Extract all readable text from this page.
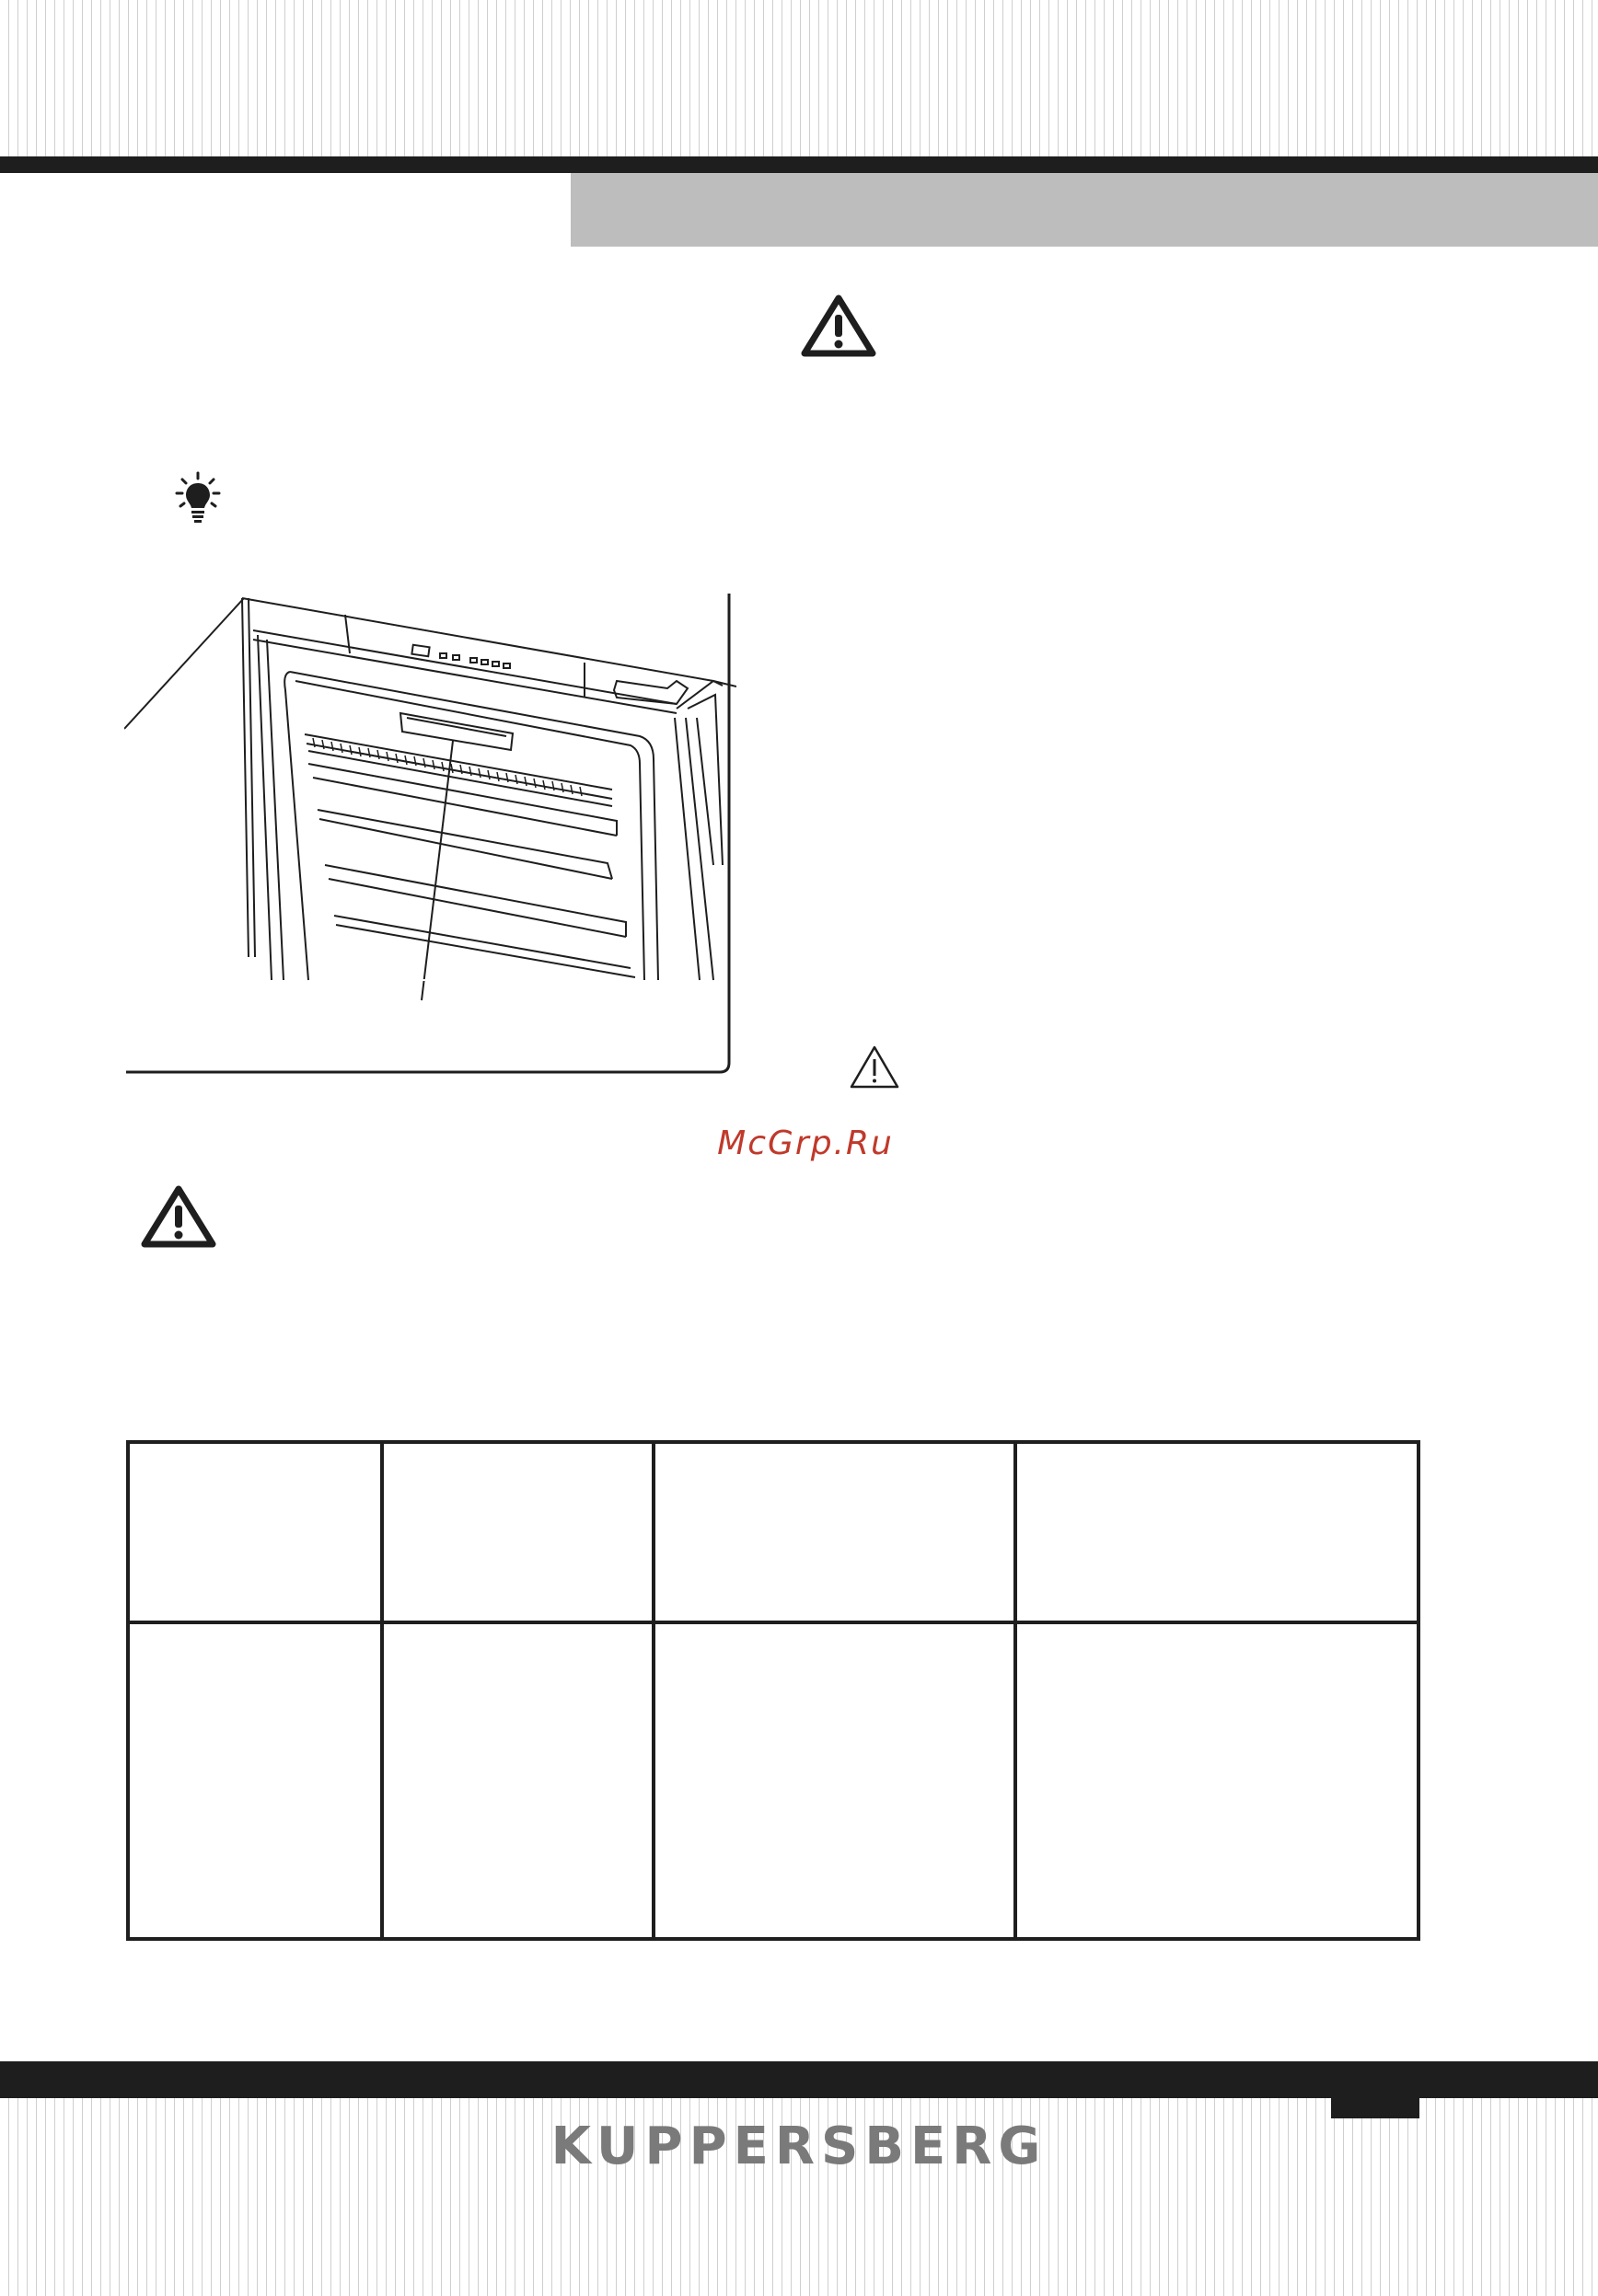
McGrp.Ru

KUPPERSBERG
